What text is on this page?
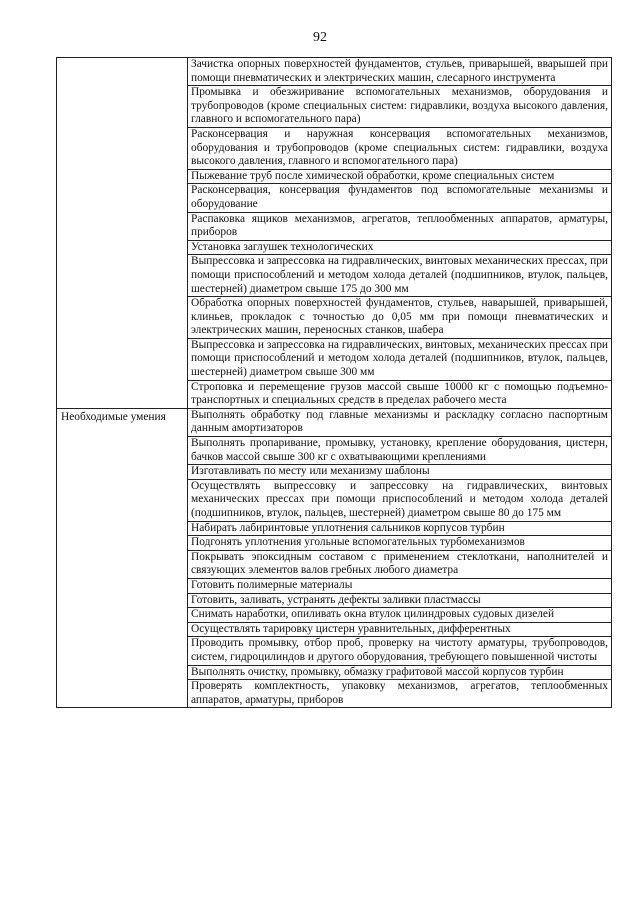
92

	Зачистка опорных поверхностей фундаментов, стульев, приварышей, вварышей при помощи пневматических и электрических машин, слесарного инструмента

	Промывка и обезжиривание вспомогательных механизмов, оборудования и трубопроводов (кроме специальных систем: гидравлики, воздуха высокого давления, главного и вспомогательного пара)

	Расконсервация и наружная консервация вспомогательных механизмов, оборудования и трубопроводов (кроме специальных систем: гидравлики, воздуха высокого давления, главного и вспомогательного пара)

	Пыжевание труб после химической обработки, кроме специальных систем

	Расконсервация, консервация фундаментов под вспомогательные механизмы и оборудование

	Распаковка ящиков механизмов, агрегатов, теплообменных аппаратов, арматуры, приборов

	Установка заглушек технологических

	Выпрессовка и запрессовка на гидравлических, винтовых механических прессах, при помощи приспособлений и методом холода деталей (подшипников, втулок, пальцев, шестерней) диаметром свыше 175 до 300 мм

	Обработка опорных поверхностей фундаментов, стульев, наварышей, приварышей, клиньев, прокладок с точностью до 0,05 мм при помощи пневматических и электрических машин, переносных станков, шабера

	Выпрессовка и запрессовка на гидравлических, винтовых, механических прессах при помощи приспособлений и методом холода деталей (подшипников, втулок, пальцев, шестерней) диаметром свыше 300 мм

	Строповка и перемещение грузов массой свыше 10000 кг с помощью подъемно-транспортных и специальных средств в пределах рабочего места

Необходимые умения	Выполнять обработку под главные механизмы и раскладку согласно паспортным данным амортизаторов

	Выполнять пропаривание, промывку, установку, крепление оборудования, цистерн, бачков массой свыше 300 кг с охватывающими креплениями

	Изготавливать по месту или механизму шаблоны

	Осуществлять выпрессовку и запрессовку на гидравлических, винтовых механических прессах при помощи приспособлений и методом холода деталей (подшипников, втулок, пальцев, шестерней) диаметром свыше 80 до 175 мм

	Набирать лабиринтовые уплотнения сальников корпусов турбин

	Подгонять уплотнения угольные вспомогательных турбомеханизмов

	Покрывать эпоксидным составом с применением стеклоткани, наполнителей и связующих элементов валов гребных любого диаметра

	Готовить полимерные материалы

	Готовить, заливать, устранять дефекты заливки пластмассы

	Снимать наработки, опиливать окна втулок цилиндровых судовых дизелей

	Осуществлять тарировку цистерн уравнительных, дифферентных

	Проводить промывку, отбор проб, проверку на чистоту арматуры, трубопроводов, систем, гидроцилиндов и другого оборудования, требующего повышенной чистоты

	Выполнять очистку, промывку, обмазку графитовой массой корпусов турбин

	Проверять комплектность, упаковку механизмов, агрегатов, теплообменных аппаратов, арматуры, приборов
